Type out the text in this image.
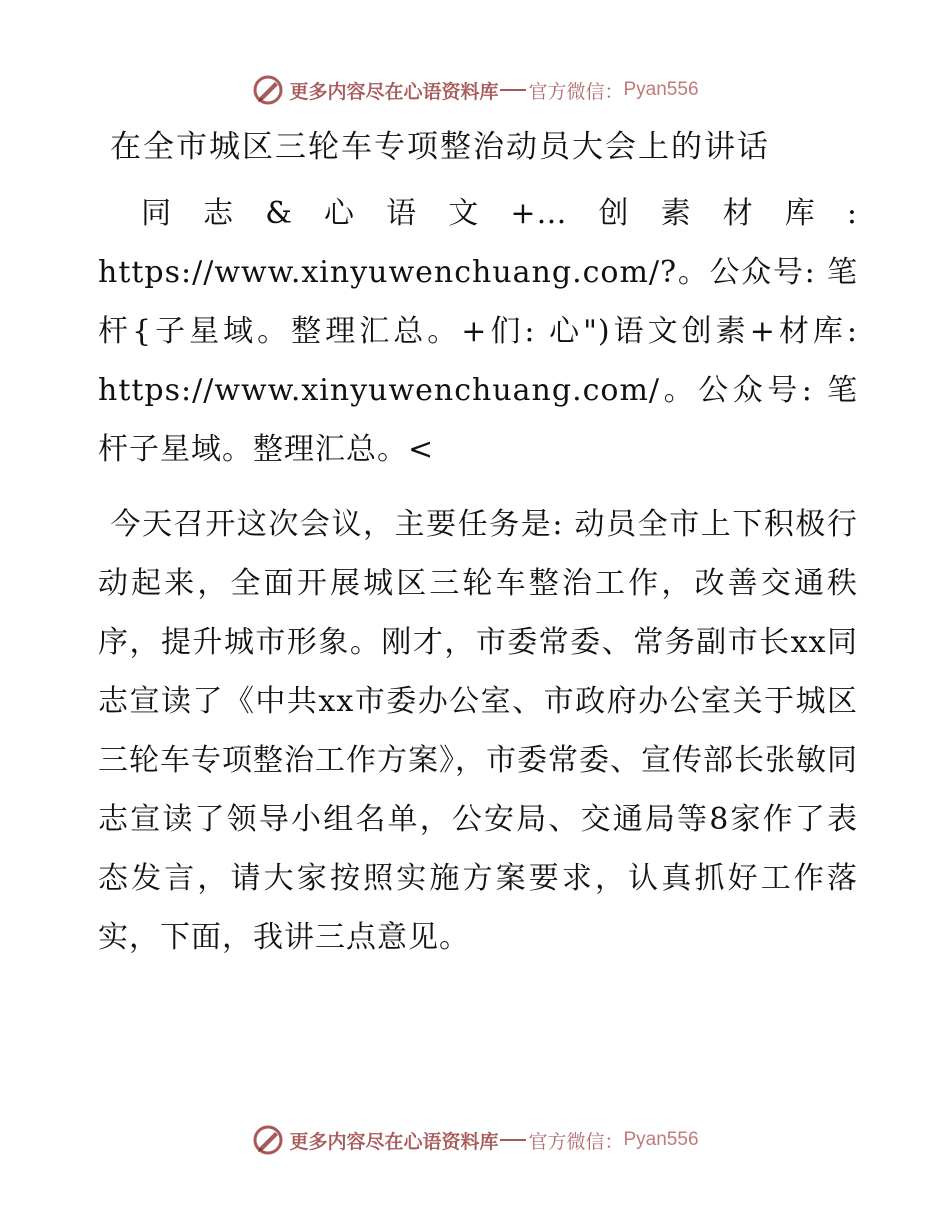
更多内容尽在心语资料库 官方微信： Pyan556
在全市城区三轮车专项整治动员大会上的讲话

同志&心语文+…创素材库: https://www.xinyuwenchuang.com/?。公众号: 笔杆{子星域。整理汇总。+们: 心")语文创素+材库: https://www.xinyuwenchuang.com/。公众号: 笔杆子星域。整理汇总。<

今天召开这次会议，主要任务是: 动员全市上下积极行动起来，全面开展城区三轮车整治工作，改善交通秩序，提升城市形象。刚才，市委常委、常务副市长xx同志宣读了《中共xx市委办公室、市政府办公室关于城区三轮车专项整治工作方案》，市委常委、宣传部长张敏同志宣读了领导小组名单，公安局、交通局等8家作了表态发言，请大家按照实施方案要求，认真抓好工作落实，下面，我讲三点意见。

更多内容尽在心语资料库 官方微信： Pyan556
